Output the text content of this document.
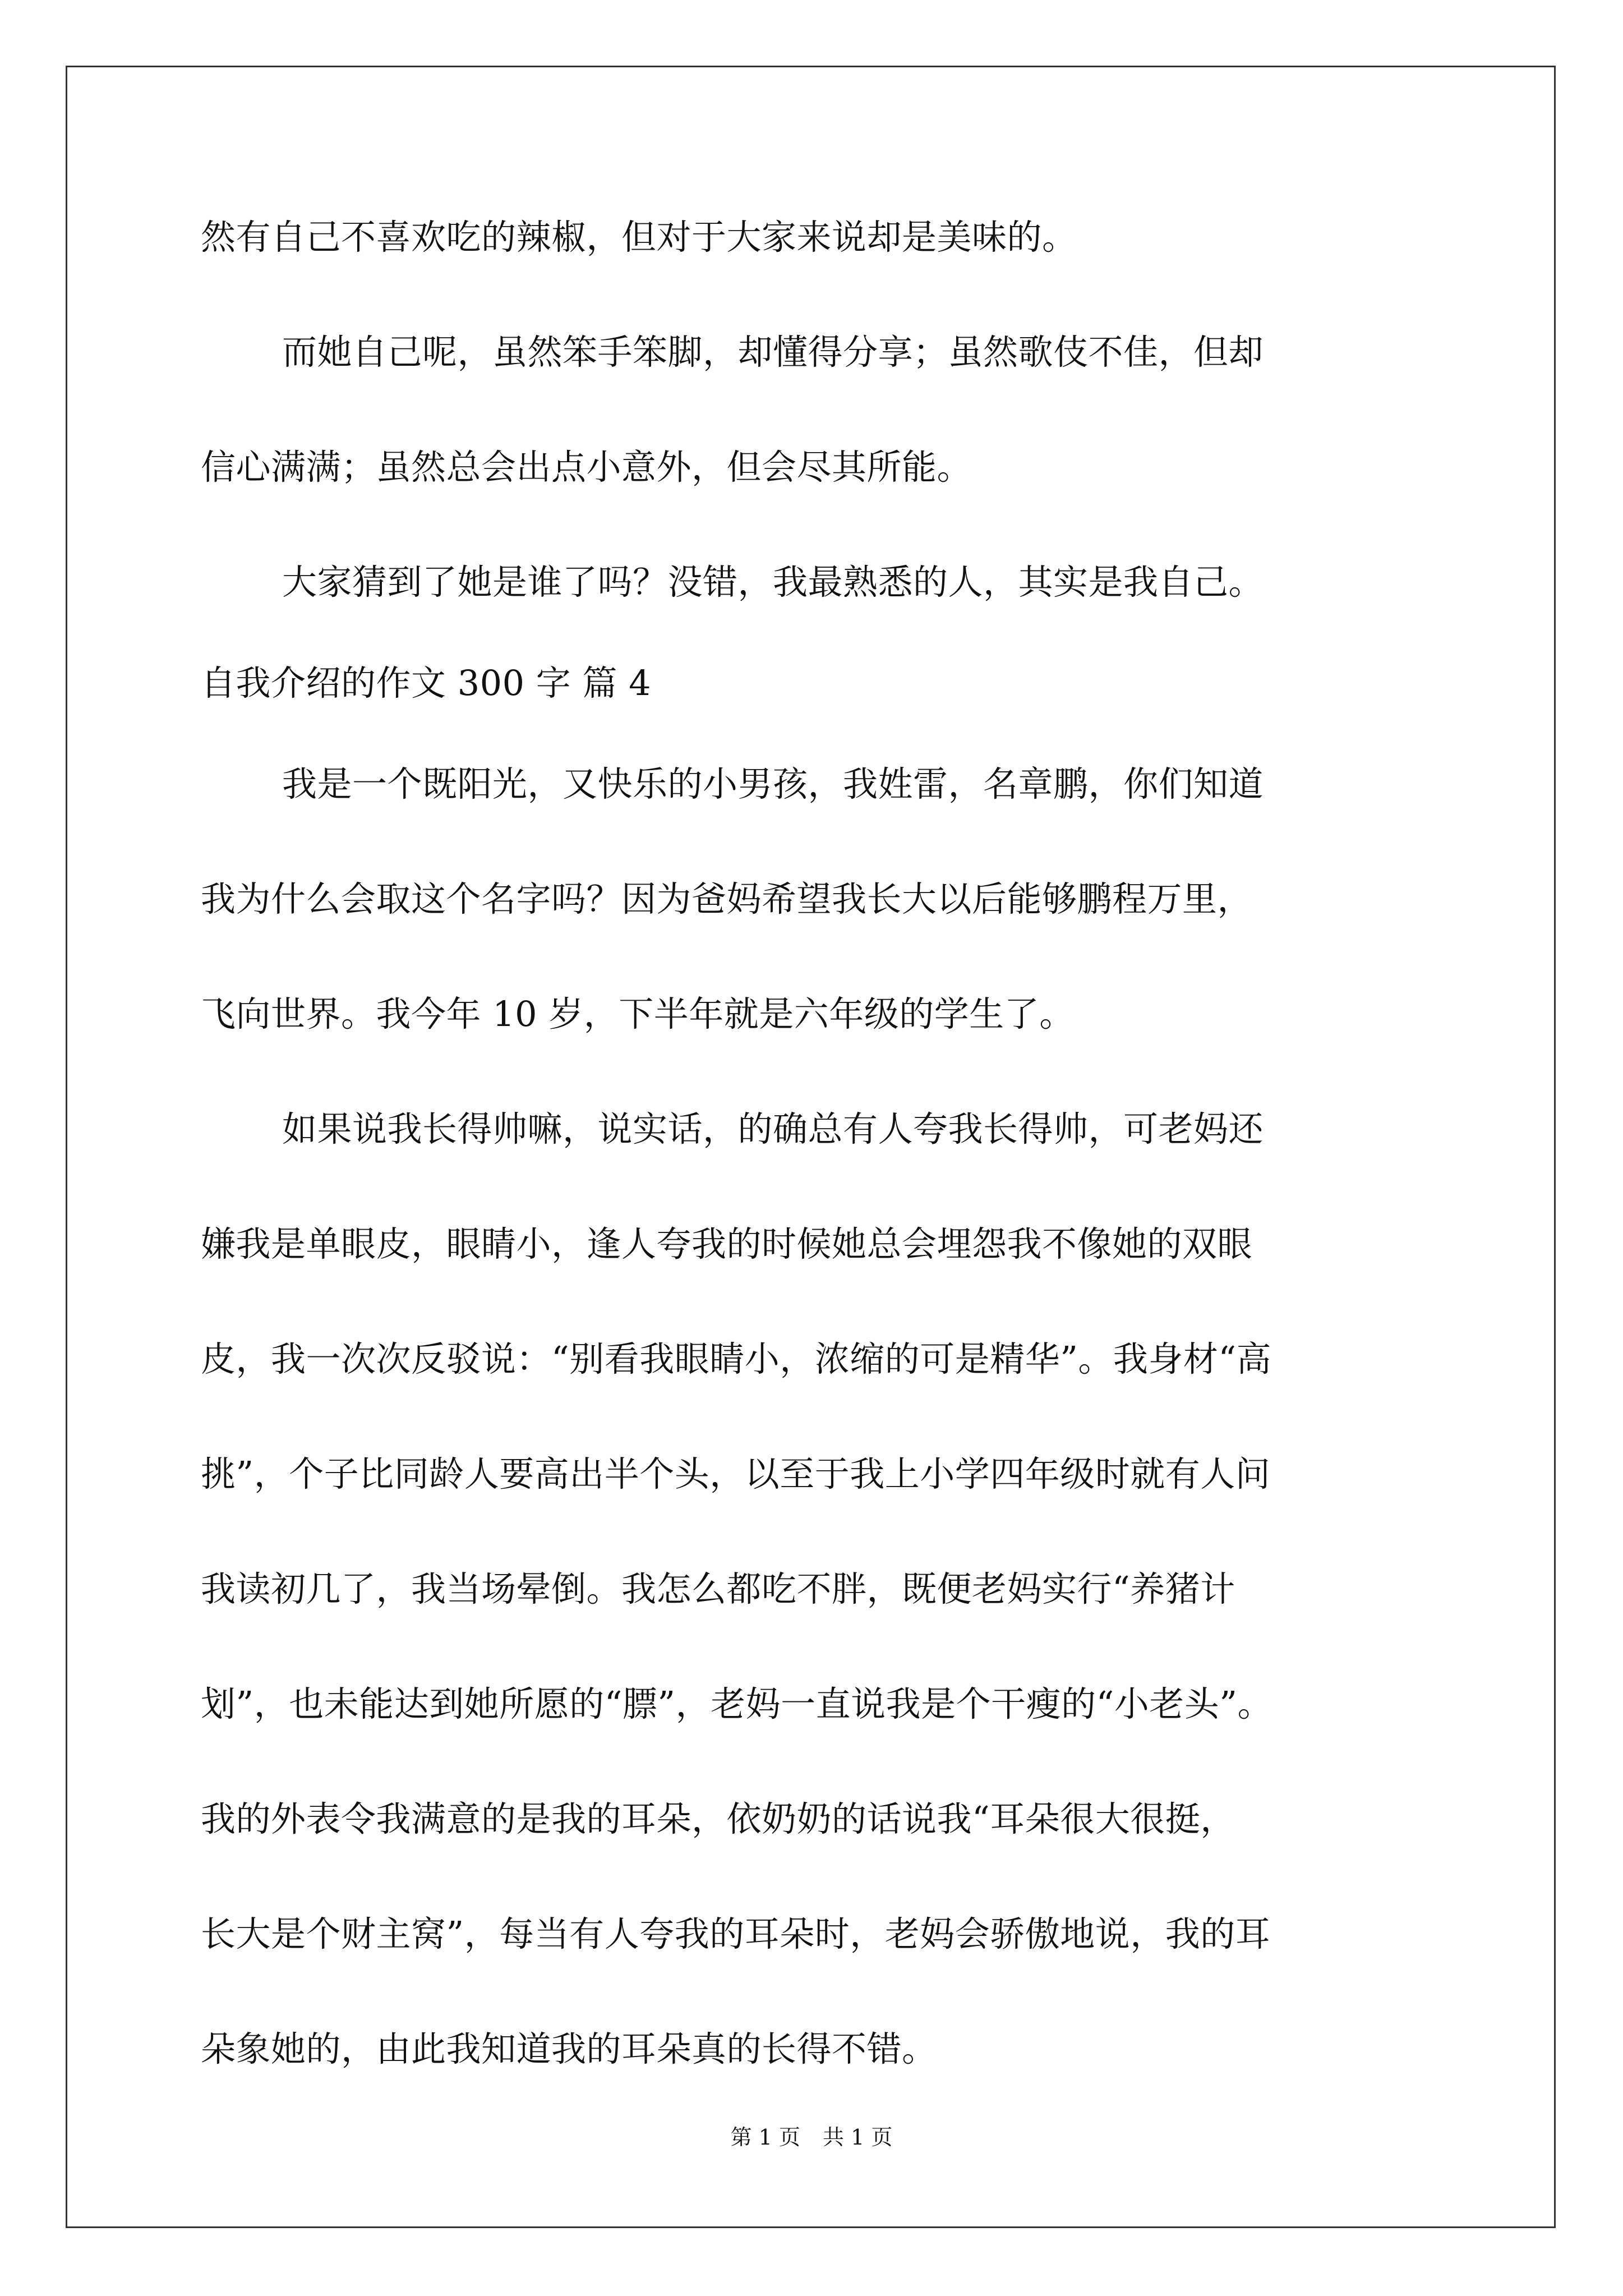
然有自己不喜欢吃的辣椒，但对于大家来说却是美味的。
而她自己呢，虽然笨手笨脚，却懂得分享；虽然歌伎不佳，但却
信心满满；虽然总会出点小意外，但会尽其所能。
大家猜到了她是谁了吗？没错，我最熟悉的人，其实是我自己。
自我介绍的作文 300 字 篇 4
我是一个既阳光，又快乐的小男孩，我姓雷，名章鹏，你们知道
我为什么会取这个名字吗？因为爸妈希望我长大以后能够鹏程万里，
飞向世界。我今年 10 岁，下半年就是六年级的学生了。
如果说我长得帅嘛，说实话，的确总有人夸我长得帅，可老妈还
嫌我是单眼皮，眼睛小，逢人夸我的时候她总会埋怨我不像她的双眼
皮，我一次次反驳说：“别看我眼睛小，浓缩的可是精华”。我身材“高
挑”，个子比同龄人要高出半个头，以至于我上小学四年级时就有人问
我读初几了，我当场晕倒。我怎么都吃不胖，既便老妈实行“养猪计
划”，也未能达到她所愿的“膘”，老妈一直说我是个干瘦的“小老头”。
我的外表令我满意的是我的耳朵，依奶奶的话说我“耳朵很大很挺，
长大是个财主窝”，每当有人夸我的耳朵时，老妈会骄傲地说，我的耳
朵象她的，由此我知道我的耳朵真的长得不错。
第 1 页 共 1 页
